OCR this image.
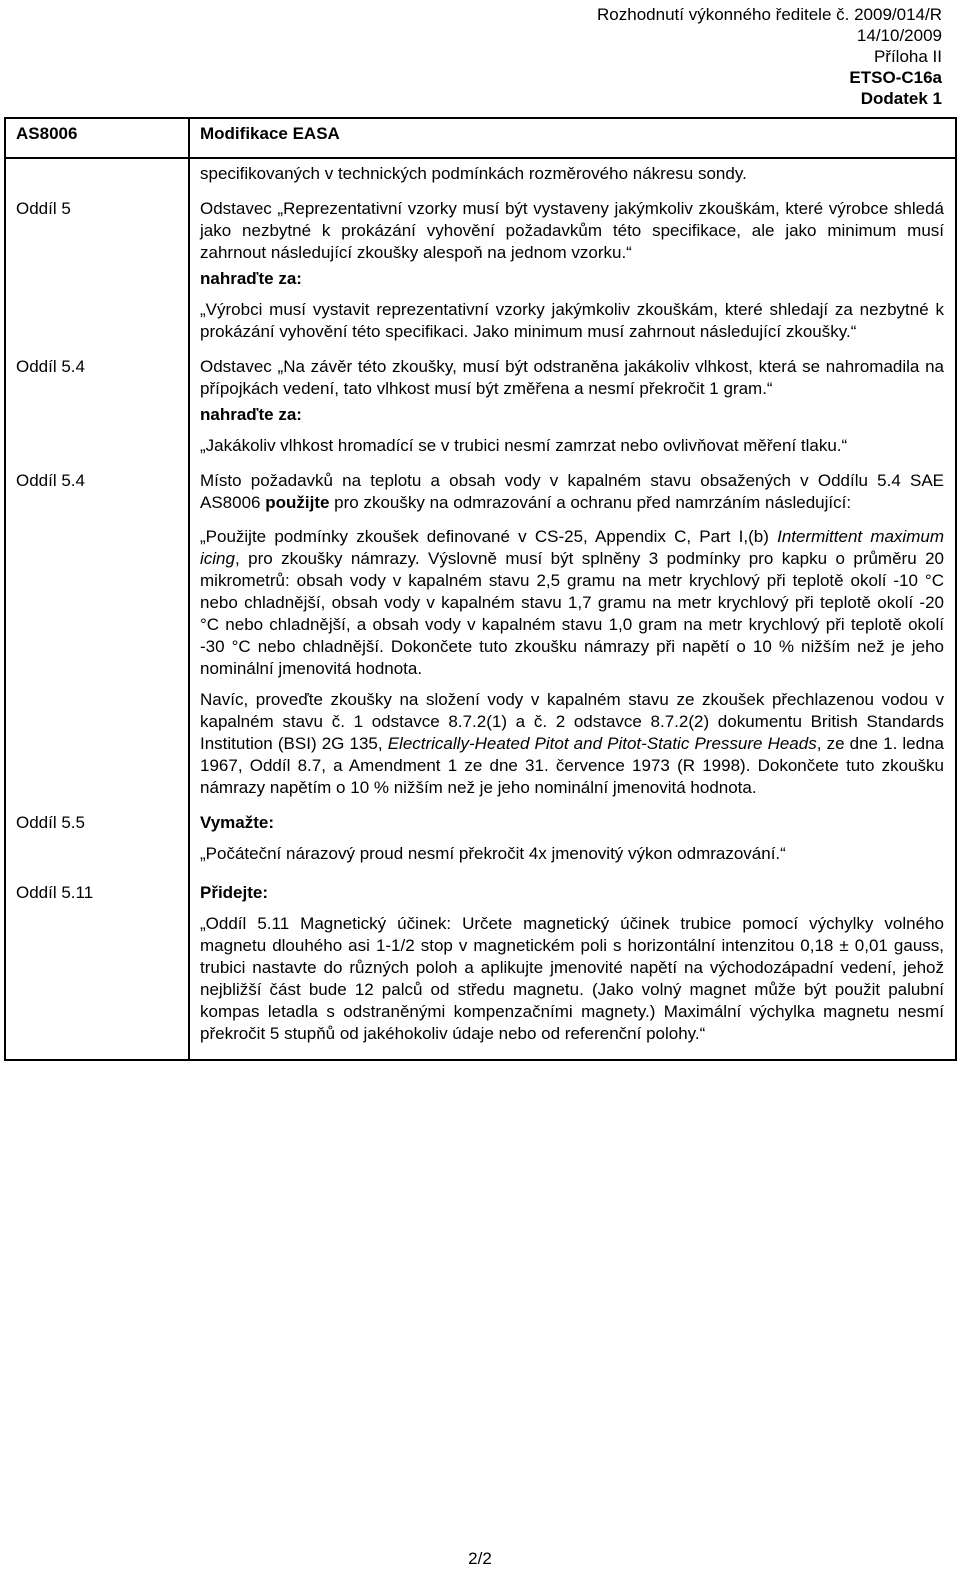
Rozhodnutí výkonného ředitele č. 2009/014/R
14/10/2009
Příloha II
ETSO-C16a
Dodatek 1
AS8006	Modifikace EASA

	specifikovaných v technických podmínkách rozměrového nákresu sondy.

Oddíl 5	Odstavec „Reprezentativní vzorky musí být vystaveny jakýmkoliv zkouškám, které výrobce shledá jako nezbytné k prokázání vyhovění požadavkům této specifikace, ale jako minimum musí zahrnout následující zkoušky alespoň na jednom vzorku.“

nahraďte za:

„Výrobci musí vystavit reprezentativní vzorky jakýmkoliv zkouškám, které shledají za nezbytné k prokázání vyhovění této specifikaci. Jako minimum musí zahrnout následující zkoušky.“

Oddíl 5.4	Odstavec „Na závěr této zkoušky, musí být odstraněna jakákoliv vlhkost, která se nahromadila na přípojkách vedení, tato vlhkost musí být změřena a nesmí překročit 1 gram.“

nahraďte za:

„Jakákoliv vlhkost hromadící se v trubici nesmí zamrzat nebo ovlivňovat měření tlaku.“

Oddíl 5.4	Místo požadavků na teplotu a obsah vody v kapalném stavu obsažených v Oddílu 5.4 SAE AS8006 použijte pro zkoušky na odmrazování a ochranu před namrzáním následující:

„Použijte podmínky zkoušek definované v CS-25, Appendix C, Part I,(b) Intermittent maximum icing, pro zkoušky námrazy. Výslovně musí být splněny 3 podmínky pro kapku o průměru 20 mikrometrů: obsah vody v kapalném stavu 2,5 gramu na metr krychlový při teplotě okolí -10 °C nebo chladnější, obsah vody v kapalném stavu 1,7 gramu na metr krychlový při teplotě okolí -20 °C nebo chladnější, a obsah vody v kapalném stavu 1,0 gram na metr krychlový při teplotě okolí -30 °C nebo chladnější. Dokončete tuto zkoušku námrazy při napětí o 10 % nižším než je jeho nominální jmenovitá hodnota.

Navíc, proveďte zkoušky na složení vody v kapalném stavu ze zkoušek přechlazenou vodou v kapalném stavu č. 1 odstavce 8.7.2(1) a č. 2 odstavce 8.7.2(2) dokumentu British Standards Institution (BSI) 2G 135, Electrically-Heated Pitot and Pitot-Static Pressure Heads, ze dne 1. ledna 1967, Oddíl 8.7, a Amendment 1 ze dne 31. července 1973 (R 1998). Dokončete tuto zkoušku námrazy napětím o 10 % nižším než je jeho nominální jmenovitá hodnota.

Oddíl 5.5	Vymažte:

„Počáteční nárazový proud nesmí překročit 4x jmenovitý výkon odmrazování.“

Oddíl 5.11	Přidejte:

„Oddíl 5.11 Magnetický účinek: Určete magnetický účinek trubice pomocí výchylky volného magnetu dlouhého asi 1-1/2 stop v magnetickém poli s horizontální intenzitou 0,18 ± 0,01 gauss, trubici nastavte do různých poloh a aplikujte jmenovité napětí na východozápadní vedení, jehož nejbližší část bude 12 palců od středu magnetu. (Jako volný magnet může být použit palubní kompas letadla s odstraněnými kompenzačními magnety.) Maximální výchylka magnetu nesmí překročit 5 stupňů od jakéhokoliv údaje nebo od referenční polohy.“

2/2
